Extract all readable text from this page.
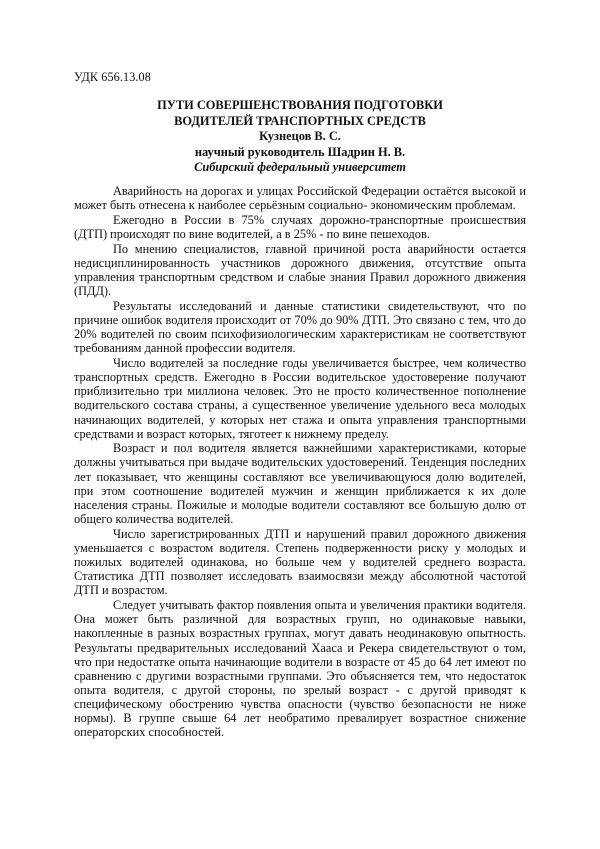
УДК 656.13.08
ПУТИ СОВЕРШЕНСТВОВАНИЯ ПОДГОТОВКИ
ВОДИТЕЛЕЙ ТРАНСПОРТНЫХ СРЕДСТВ
Кузнецов В. С.
научный руководитель Шадрин Н. В.
Сибирский федеральный университет

Аварийность на дорогах и улицах Российской Федерации остаётся высокой и может быть отнесена к наиболее серьёзным социально- экономическим проблемам.

Ежегодно в России в 75% случаях дорожно-транспортные происшествия (ДТП) происходят по вине водителей, а в 25% - по вине пешеходов.

По мнению специалистов, главной причиной роста аварийности остается недисциплинированность участников дорожного движения, отсутствие опыта управления транспортным средством и слабые знания Правил дорожного движения (ПДД).

Результаты исследований и данные статистики свидетельствуют, что по причине ошибок водителя происходит от 70% до 90% ДТП. Это связано с тем, что до 20% водителей по своим психофизиологическим характеристикам не соответствуют требованиям данной профессии водителя.

Число водителей за последние годы увеличивается быстрее, чем количество транспортных средств. Ежегодно в России водительское удостоверение получают приблизительно три миллиона человек. Это не просто количественное пополнение водительского состава страны, а существенное увеличение удельного веса молодых начинающих водителей, у которых нет стажа и опыта управления транспортными средствами и возраст которых, тяготеет к нижнему пределу.

Возраст и пол водителя является важнейшими характеристиками, которые должны учитываться при выдаче водительских удостоверений. Тенденция последних лет показывает, что женщины составляют все увеличивающуюся долю водителей, при этом соотношение водителей мужчин и женщин приближается к их доле населения страны. Пожилые и молодые водители составляют все большую долю от общего количества водителей.

Число зарегистрированных ДТП и нарушений правил дорожного движения уменьшается с возрастом водителя. Степень подверженности риску у молодых и пожилых водителей одинакова, но больше чем у водителей среднего возраста. Статистика ДТП позволяет исследовать взаимосвязи между абсолютной частотой ДТП и возрастом.

Следует учитывать фактор появления опыта и увеличения практики водителя. Она может быть различной для возрастных групп, но одинаковые навыки, накопленные в разных возрастных группах, могут давать неодинаковую опытность. Результаты предварительных исследований Хааса и Рекера свидетельствуют о том, что при недостатке опыта начинающие водители в возрасте от 45 до 64 лет имеют по сравнению с другими возрастными группами. Это объясняется тем, что недостаток опыта водителя, с другой стороны, по зрелый возраст - с другой приводят к специфическому обострению чувства опасности (чувство безопасности не ниже нормы). В группе свыше 64 лет необратимо превалирует возрастное снижение операторских способностей.
